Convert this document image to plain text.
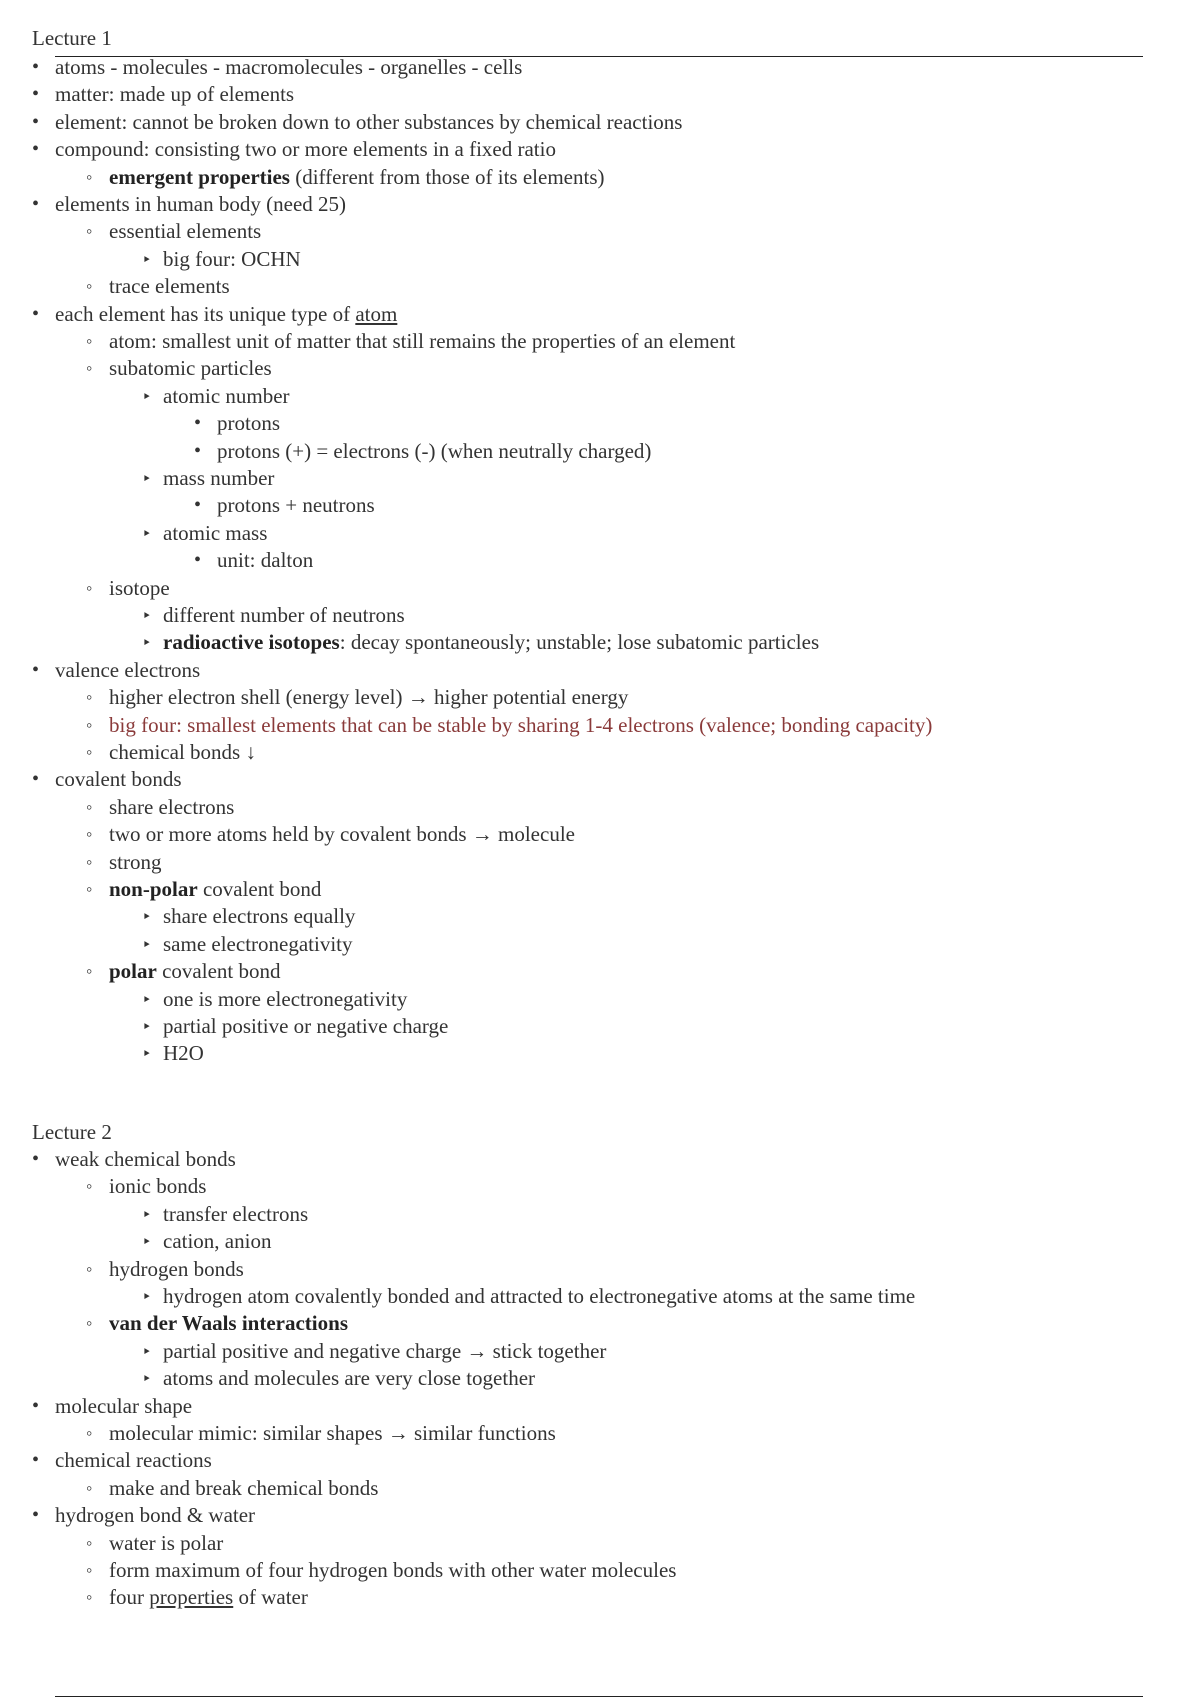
Lecture 1
•
atoms - molecules - macromolecules - organelles - cells
•
matter: made up of elements
•
element: cannot be broken down to other substances by chemical reactions
•
compound: consisting two or more elements in a fixed ratio
◦
emergent properties (different from those of its elements)
•
elements in human body (need 25)
◦
essential elements
‣
big four: OCHN
◦
trace elements
•
each element has its unique type of atom
◦
atom: smallest unit of matter that still remains the properties of an element
◦
subatomic particles
‣
atomic number
•
protons
•
protons (+) = electrons (-) (when neutrally charged)
‣
mass number
•
protons + neutrons
‣
atomic mass
•
unit: dalton
◦
isotope
‣
different number of neutrons
‣
radioactive isotopes: decay spontaneously; unstable; lose subatomic particles
•
valence electrons
◦
higher electron shell (energy level) → higher potential energy
◦
big four: smallest elements that can be stable by sharing 1-4 electrons (valence; bonding capacity)
◦
chemical bonds ↓
•
covalent bonds
◦
share electrons
◦
two or more atoms held by covalent bonds → molecule
◦
strong
◦
non-polar covalent bond
‣
share electrons equally
‣
same electronegativity
◦
polar covalent bond
‣
one is more electronegativity
‣
partial positive or negative charge
‣
H2O
Lecture 2
•
weak chemical bonds
◦
ionic bonds
‣
transfer electrons
‣
cation, anion
◦
hydrogen bonds
‣
hydrogen atom covalently bonded and attracted to electronegative atoms at the same time
◦
van der Waals interactions
‣
partial positive and negative charge → stick together
‣
atoms and molecules are very close together
•
molecular shape
◦
molecular mimic: similar shapes → similar functions
•
chemical reactions
◦
make and break chemical bonds
•
hydrogen bond & water
◦
water is polar
◦
form maximum of four hydrogen bonds with other water molecules
◦
four properties of water
